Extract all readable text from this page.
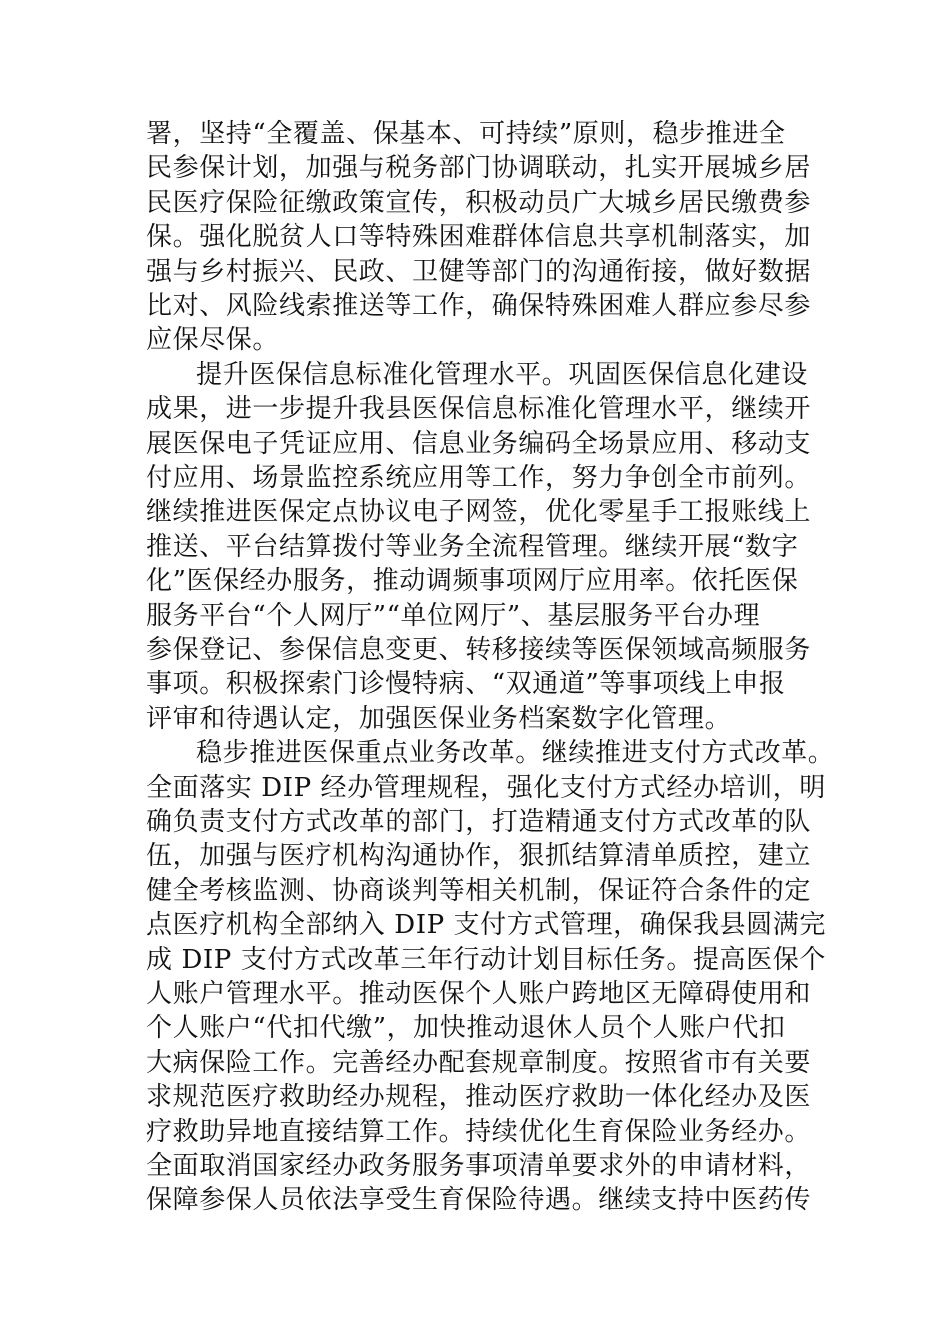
署，坚持“全覆盖、保基本、可持续”原则，稳步推进全
民参保计划，加强与税务部门协调联动，扎实开展城乡居
民医疗保险征缴政策宣传，积极动员广大城乡居民缴费参
保。强化脱贫人口等特殊困难群体信息共享机制落实，加
强与乡村振兴、民政、卫健等部门的沟通衔接，做好数据
比对、风险线索推送等工作，确保特殊困难人群应参尽参
应保尽保。
提升医保信息标准化管理水平。巩固医保信息化建设
成果，进一步提升我县医保信息标准化管理水平，继续开
展医保电子凭证应用、信息业务编码全场景应用、移动支
付应用、场景监控系统应用等工作，努力争创全市前列。
继续推进医保定点协议电子网签，优化零星手工报账线上
推送、平台结算拨付等业务全流程管理。继续开展“数字
化”医保经办服务，推动调频事项网厅应用率。依托医保
服务平台“个人网厅”“单位网厅”、基层服务平台办理
参保登记、参保信息变更、转移接续等医保领域高频服务
事项。积极探索门诊慢特病、“双通道”等事项线上申报
评审和待遇认定，加强医保业务档案数字化管理。
稳步推进医保重点业务改革。继续推进支付方式改革。
全面落实 DIP 经办管理规程，强化支付方式经办培训，明
确负责支付方式改革的部门，打造精通支付方式改革的队
伍，加强与医疗机构沟通协作，狠抓结算清单质控，建立
健全考核监测、协商谈判等相关机制，保证符合条件的定
点医疗机构全部纳入 DIP 支付方式管理，确保我县圆满完
成 DIP 支付方式改革三年行动计划目标任务。提高医保个
人账户管理水平。推动医保个人账户跨地区无障碍使用和
个人账户“代扣代缴”，加快推动退休人员个人账户代扣
大病保险工作。完善经办配套规章制度。按照省市有关要
求规范医疗救助经办规程，推动医疗救助一体化经办及医
疗救助异地直接结算工作。持续优化生育保险业务经办。
全面取消国家经办政务服务事项清单要求外的申请材料，
保障参保人员依法享受生育保险待遇。继续支持中医药传
